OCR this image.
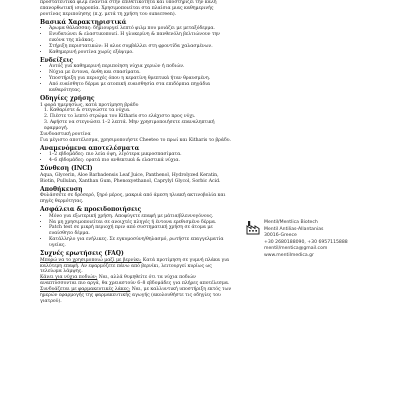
προστατευτικά φίλμ ενάντια στην επιθετικότητα και υποστηρίζει την καλή επανορθωτική ισορροπία. Χρησιμοποιείται στα πλαίσια μιας καθημερινής ρουτίνας περιποίησης (π.χ. μετά τη χρήση του sunscreen).

Βασικά Χαρακτηριστικά
• Άρωμα θάλασσας: δημιουργεί λεπτό φιλμ που μοιάζει με μεταξόδερμα.
• Ενυδατώνει & ελαστικοποιεί. Η γλυκερίνη & πανθενόλη βελτιώνουν την εικόνα της πλάκας.
• Στήριξη περιστατικών: Η αλοε συμβάλλει στη φροντίδα χαλασμένων.
• Καθημερινή ρουτίνα χωρίς εξάψιμο.
Ενδείξεις
• Αυτός για καθημερινή περιποίηση νύχια χεριών ή ποδιών.
• Νύχια με έντονα, άνθη και σπασίματα.
• Υποστήριξη για περιοχές όπου η κερατίνη θρεπτικά ήταν θραυσμένη.
• Από ευαίσθητο δέρμα με ατοπική ευαισθησία στα επιδόρπια πηγάδια καθαρότητας.
Οδηγίες χρήσης

1 φορά ημερησίως, κατά προτίμηση βράδυ

1. Καθαρίστε & στεγνώστε τα νύχια.

2. Πιέστε το λεπτό στρώμα του Kitharis στο ελάχιστο προς νύχι.

3. Αφήστε να στεγνώσει 1–2 λεπτά. Μην χρησιμοποιήσετε επαναληπτική εφαρμογή.

Συνδυαστική ρουτίνα

Για μέγιστο αποτέλεσμα, χρησιμοποιήστε Cheeteo το πρωί και Kitharis το βράδυ.

Αναμενόμενα αποτελέσματα
• 1–2 εβδομάδες: πιο λεία όψη, λιγότερα μικροσπασίματα.
• 4–6 εβδομάδες: ορατά πιο ανθεκτικά & ελαστικά νύχια.
Σύνθεση (INCI)

Aqua, Glycerin, Aloe Barbadensis Leaf Juice, Panthenol, Hydrolyzed Keratin, Biotin, Pullulan, Xanthan Gum, Phenoxyethanol, Caprylyl Glycol, Sorbic Acid.

Αποθήκευση

Φυλάσσετε σε δροσερό, ξηρό μέρος, μακριά από άμεση ηλιακή ακτινοβολία και πηγές θερμότητας.

Ασφάλεια & προειδοποιήσεις
• Μόνο για εξωτερική χρήση. Αποφύγετε επαφή με μάτια/βλεννογόνους.
• Να μη χρησιμοποιείται σε ανοιχτές πληγές ή έντονα ερεθισμένο δέρμα.
• Patch test σε μικρή περιοχή πριν από συστηματική χρήση σε άτομα με ευαίσθητο δέρμα.
• Κατάλληλο για ενήλικες. Σε εγκυμοσύνη/θηλασμό, ρωτήστε επαγγελματία υγείας.
Συχνές ερωτήσεις (FAQ)

Μπορώ να το χρησιμοποιώ μαζί με βερνίκι; Κατά προτίμηση σε γυμνή πλάκα για καλύτερη επαφή. Αν εφαρμόζετε πάνω από βερνίκι, λειτουργεί κυρίως ως τελείωμα λάμψης.

Κάνει για νύχια ποδιών; Ναι, αλλά θυμηθείτε ότι τα νύχια ποδιών αναπτύσσονται πιο αργά, θα χρειαστούν 6–8 εβδομάδες για πλήρες αποτέλεσμα.

Συνδυάζεται με φαρμακευτικές λάκες; Ναι, με καλλυντική υποστήριξη εκτός των ημερών εφαρμογής της φαρμακευτικής αγωγής (ακολουθήστε τις οδηγίες του γιατρού).

Mentil/Mentlica Biotech
Mentil Antilias-Allantanias
30016-Greece
+30 2680188090, +30 6957115888
mentil/mentica@gmail.com
www.mentilmedica.gr
